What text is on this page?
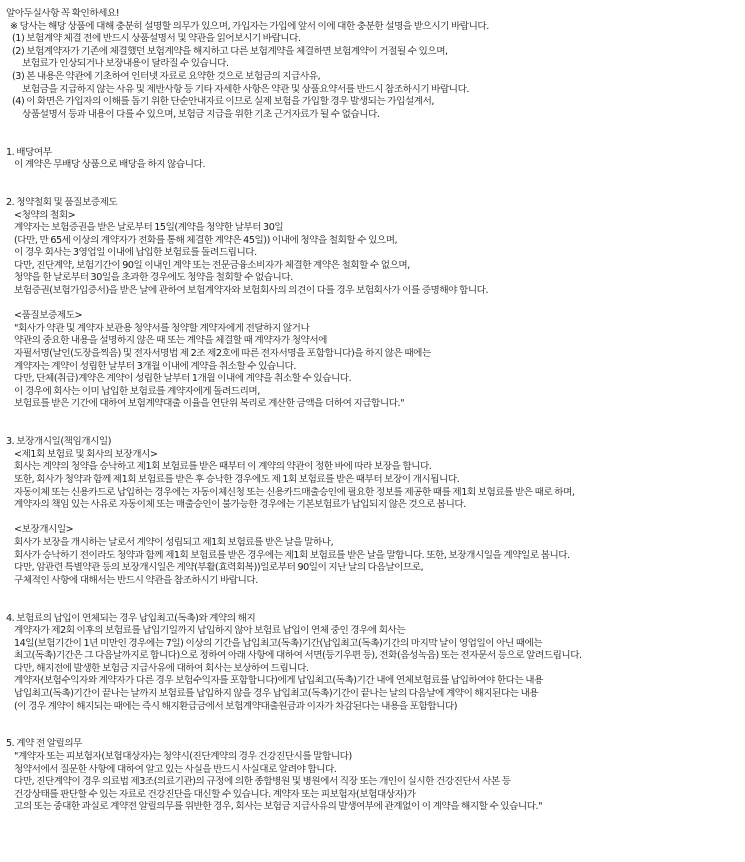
알아두실사항 꼭 확인하세요!
※ 당사는 해당 상품에 대해 충분히 설명할 의무가 있으며, 가입자는 가입에 앞서 이에 대한 충분한 설명을 받으시기 바랍니다.
(1) 보험계약 체결 전에 반드시 상품설명서 및 약관을 읽어보시기 바랍니다.
(2) 보험계약자가 기존에 체결했던 보험계약을 해지하고 다른 보험계약을 체결하면 보험계약이 거절될 수 있으며,
보험료가 인상되거나 보장내용이 달라질 수 있습니다.
(3) 본 내용은 약관에 기초하여 인터넷 자료로 요약한 것으로 보험금의 지급사유,
보험금을 지급하지 않는 사유 및 제반사항 등 기타 자세한 사항은 약관 및 상품요약서를 반드시 참조하시기 바랍니다.
(4) 이 화면은 가입자의 이해를 돕기 위한 단순안내자료 이므로 실제 보험을 가입할 경우 발생되는 가입설계서,
상품설명서 등과 내용이 다를 수 있으며, 보험금 지급을 위한 기초 근거자료가 될 수 없습니다.
1. 배당여부
이 계약은 무배당 상품으로 배당을 하지 않습니다.
2. 청약철회 및 품질보증제도
<청약의 철회>
계약자는 보험증권을 받은 날로부터 15일(계약을 청약한 날부터 30일
(다만, 만 65세 이상의 계약자가 전화를 통해 체결한 계약은 45일)) 이내에 청약을 철회할 수 있으며,
이 경우 회사는 3영업일 이내에 납입한 보험료를 돌려드립니다.
다만, 진단계약, 보험기간이 90일 이내인 계약 또는 전문금융소비자가 체결한 계약은 철회할 수 없으며,
청약을 한 날로부터 30일을 초과한 경우에도 청약을 철회할 수 없습니다.
보험증권(보험가입증서)을 받은 날에 관하여 보험계약자와 보험회사의 의견이 다를 경우 보험회사가 이를 증명해야 합니다.
<품질보증제도>
"회사가 약관 및 계약자 보관용 청약서를 청약할 계약자에게 전달하지 않거나
약관의 중요한 내용을 설명하지 않은 때 또는 계약을 체결할 때 계약자가 청약서에
자필서명(날인(도장을찍음) 및 전자서명법 제 2조 제2호에 따른 전자서명을 포함합니다)을 하지 않은 때에는
계약자는 계약이 성립한 날부터 3개월 이내에 계약을 취소할 수 있습니다.
다만, 단체(취급)계약은 계약이 성립한 날부터 1개월 이내에 계약을 취소할 수 있습니다.
이 경우에 회사는 이미 납입한 보험료를 계약자에게 돌려드리며,
보험료를 받은 기간에 대하여 보험계약대출 이율을 연단위 복리로 계산한 금액을 더하여 지급합니다."
3. 보장개시일(책임개시일)
<제1회 보험료 및 회사의 보장개시>
회사는 계약의 청약을 승낙하고 제1회 보험료를 받은 때부터 이 계약의 약관이 정한 바에 따라 보장을 합니다.
또한, 회사가 청약과 함께 제1회 보험료를 받은 후 승낙한 경우에도 제 1회 보험료를 받은 때부터 보장이 개시됩니다.
자동이체 또는 신용카드로 납입하는 경우에는 자동이체신청 또는 신용카드매출승인에 필요한 정보를 제공한 때를 제1회 보험료를 받은 때로 하며,
계약자의 책임 있는 사유로 자동이체 또는 매출승인이 불가능한 경우에는 기본보험료가 납입되지 않은 것으로 봅니다.
<보장개시일>
회사가 보장을 개시하는 날로서 계약이 성립되고 제1회 보험료를 받은 날을 말하나,
회사가 승낙하기 전이라도 청약과 함께 제1회 보험료를 받은 경우에는 제1회 보험료를 받은 날을 말합니다. 또한, 보장개시일을 계약일로 봅니다.
다만, 암관련 특별약관 등의 보장개시일은 계약(부활(효력회복))일로부터 90일이 지난 날의 다음날이므로,
구체적인 사항에 대해서는 반드시 약관을 참조하시기 바랍니다.
4. 보험료의 납입이 연체되는 경우 납입최고(독촉)와 계약의 해지
계약자가 제2회 이후의 보험료를 납입기일까지 납입하지 않아 보험료 납입이 연체 중인 경우에 회사는
14일(보험기간이 1년 미만인 경우에는 7일) 이상의 기간을 납입최고(독촉)기간(납입최고(독촉)기간의 마지막 날이 영업일이 아닌 때에는
최고(독촉)기간은 그 다음날까지로 합니다)으로 정하여 아래 사항에 대하여 서면(등기우편 등), 전화(음성녹음) 또는 전자문서 등으로 알려드립니다.
다만, 해지전에 발생한 보험금 지급사유에 대하여 회사는 보상하여 드립니다.
계약자(보험수익자와 계약자가 다른 경우 보험수익자를 포함합니다)에게 납입최고(독촉)기간 내에 연체보험료를 납입하여야 한다는 내용
납입최고(독촉)기간이 끝나는 날까지 보험료를 납입하지 않을 경우 납입최고(독촉)기간이 끝나는 날의 다음날에 계약이 해지된다는 내용
(이 경우 계약이 해지되는 때에는 즉시 해지환급금에서 보험계약대출원금과 이자가 차감된다는 내용을 포함합니다)
5. 계약 전 알릴의무
"계약자 또는 피보험자(보험대상자)는 청약시(진단계약의 경우 건강진단시를 말합니다)
청약서에서 질문한 사항에 대하여 알고 있는 사실을 반드시 사실대로 알려야 합니다.
다만, 진단계약이 경우 의료법 제3조(의료기관)의 규정에 의한 종합병원 및 병원에서 직장 또는 개인이 실시한 건강진단서 사본 등
건강상태를 판단할 수 있는 자료로 건강진단을 대신할 수 있습니다. 계약자 또는 피보험자(보험대상자)가
고의 또는 중대한 과실로 계약전 알릴의무를 위반한 경우, 회사는 보험금 지급사유의 발생여부에 관계없이 이 계약을 해지할 수 있습니다."
